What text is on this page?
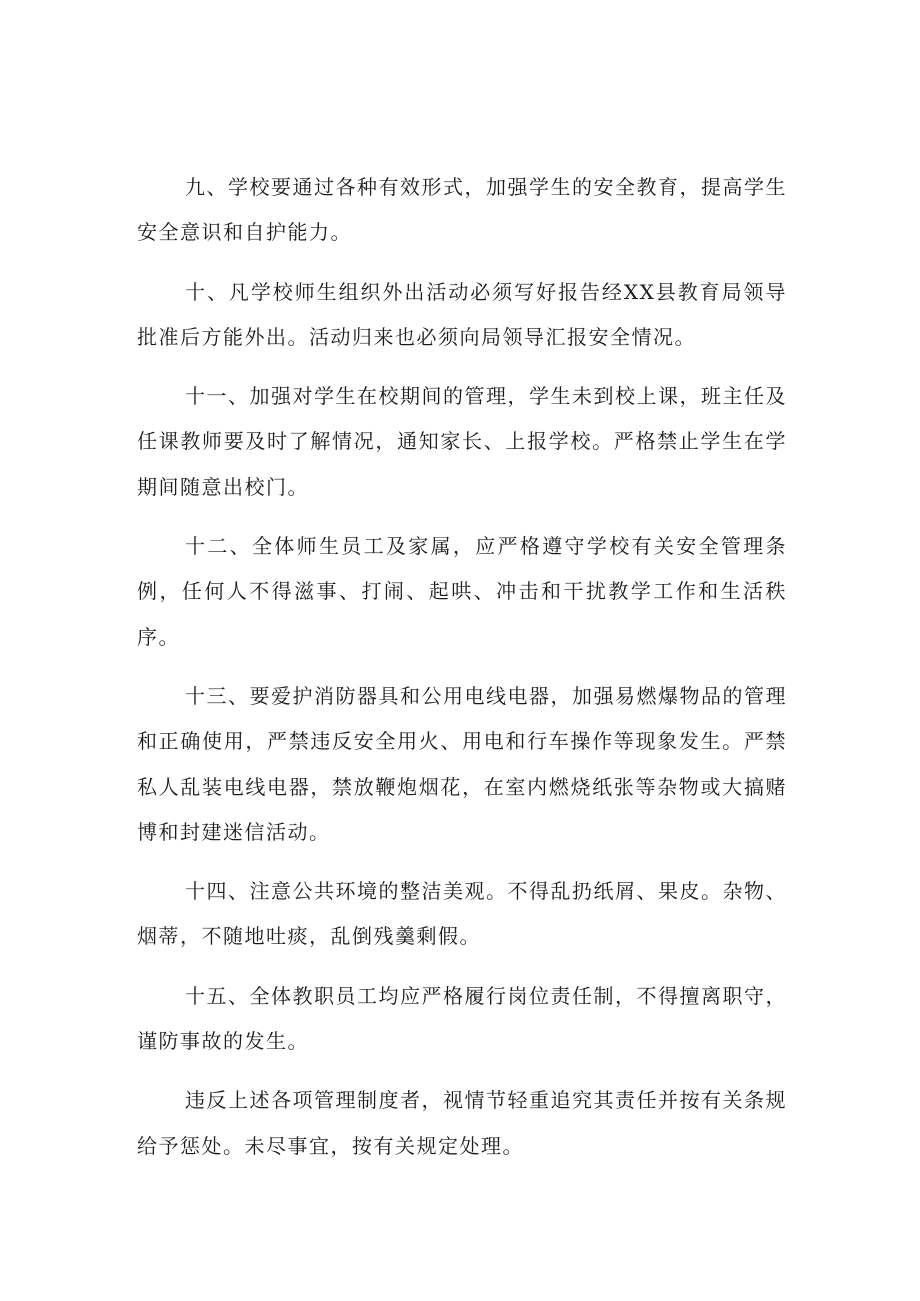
九、学校要通过各种有效形式，加强学生的安全教育，提高学生安全意识和自护能力。

十、凡学校师生组织外出活动必须写好报告经XX县教育局领导批准后方能外出。活动归来也必须向局领导汇报安全情况。

十一、加强对学生在校期间的管理，学生未到校上课，班主任及任课教师要及时了解情况，通知家长、上报学校。严格禁止学生在学期间随意出校门。

十二、全体师生员工及家属，应严格遵守学校有关安全管理条例，任何人不得滋事、打闹、起哄、冲击和干扰教学工作和生活秩序。

十三、要爱护消防器具和公用电线电器，加强易燃爆物品的管理和正确使用，严禁违反安全用火、用电和行车操作等现象发生。严禁私人乱装电线电器，禁放鞭炮烟花，在室内燃烧纸张等杂物或大搞赌博和封建迷信活动。

十四、注意公共环境的整洁美观。不得乱扔纸屑、果皮。杂物、烟蒂，不随地吐痰，乱倒残羹剩假。

十五、全体教职员工均应严格履行岗位责任制，不得擅离职守，谨防事故的发生。

违反上述各项管理制度者，视情节轻重追究其责任并按有关条规给予惩处。未尽事宜，按有关规定处理。
